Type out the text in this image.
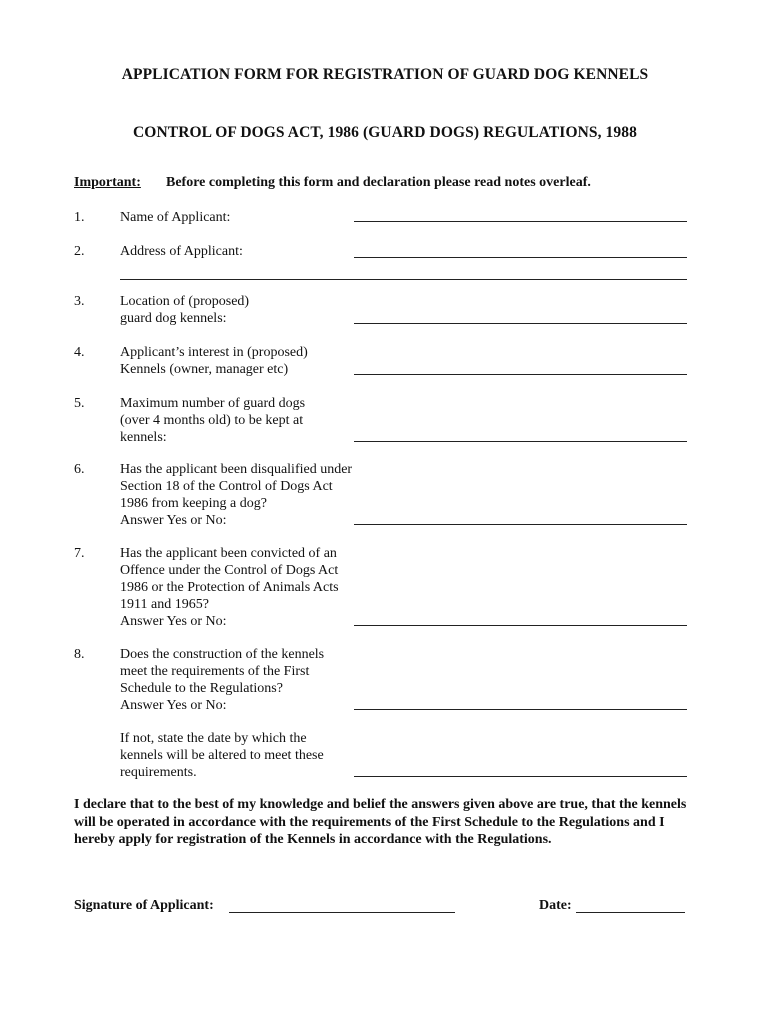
APPLICATION FORM FOR REGISTRATION OF GUARD DOG KENNELS
CONTROL OF DOGS ACT, 1986 (GUARD DOGS) REGULATIONS, 1988
Important: Before completing this form and declaration please read notes overleaf.
1.	Name of Applicant:
2.	Address of Applicant:
3.	Location of (proposed)
guard dog kennels:
4.	Applicant’s interest in (proposed)
Kennels (owner, manager etc)
5.	Maximum number of guard dogs
(over 4 months old) to be kept at
kennels:
6.	Has the applicant been disqualified under
Section 18 of the Control of Dogs Act
1986 from keeping a dog?
Answer Yes or No:
7.	Has the applicant been convicted of an
Offence under the Control of Dogs Act
1986 or the Protection of Animals Acts
1911 and 1965?
Answer Yes or No:
8.	Does the construction of the kennels
meet the requirements of the First
Schedule to the Regulations?
Answer Yes or No:
If not, state the date by which the
kennels will be altered to meet these
requirements.
I declare that to the best of my knowledge and belief the answers given above are true, that the kennels will be operated in accordance with the requirements of the First Schedule to the Regulations and I hereby apply for registration of the Kennels in accordance with the Regulations.
Signature of Applicant:	Date:
